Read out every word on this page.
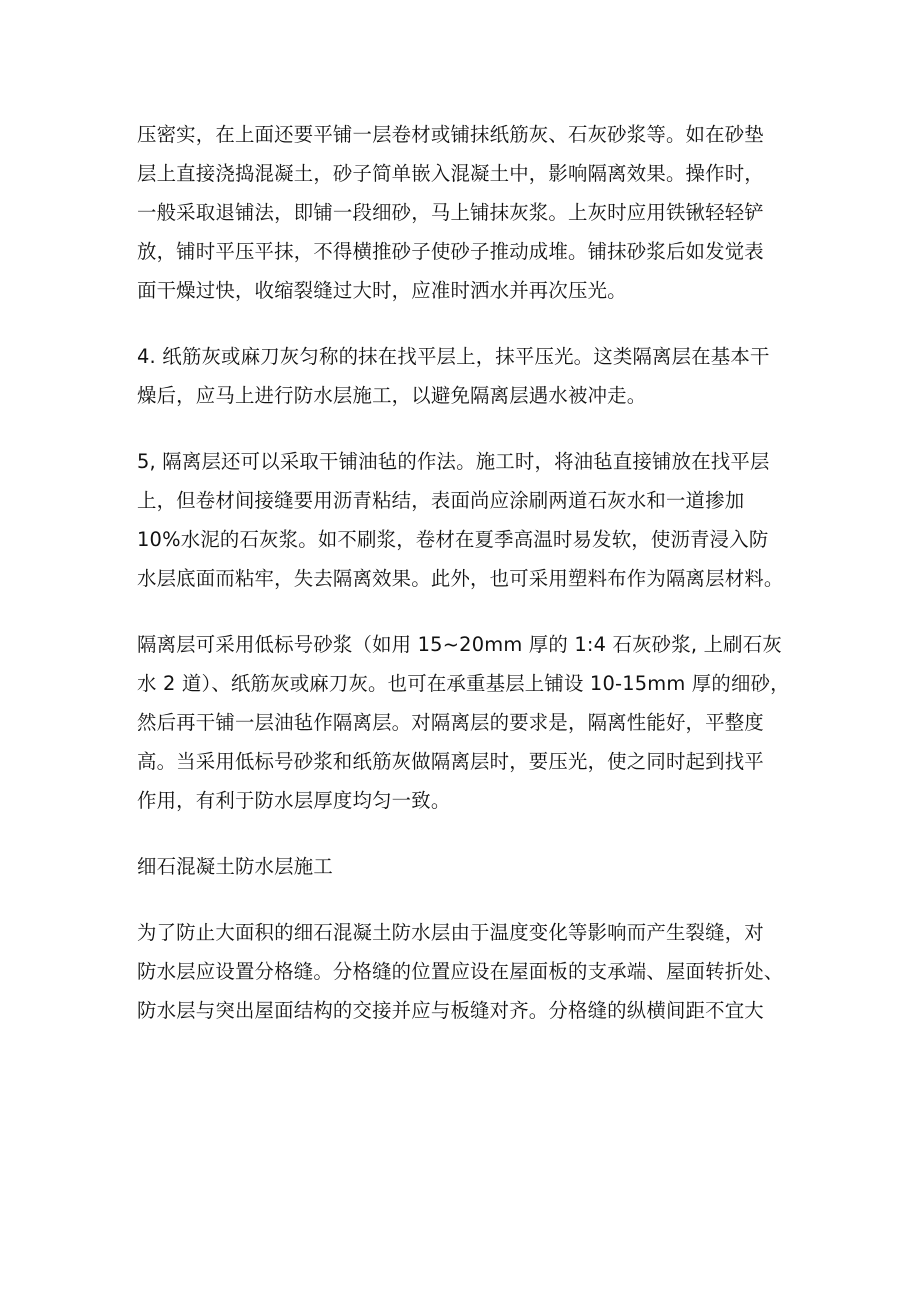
压密实，在上面还要平铺一层卷材或铺抹纸筋灰、石灰砂浆等。如在砂垫
层上直接浇捣混凝土，砂子简单嵌入混凝土中，影响隔离效果。操作时，
一般采取退铺法，即铺一段细砂，马上铺抹灰浆。上灰时应用铁锹轻轻铲
放，铺时平压平抹，不得横推砂子使砂子推动成堆。铺抹砂浆后如发觉表
面干燥过快，收缩裂缝过大时，应准时洒水并再次压光。

4. 纸筋灰或麻刀灰匀称的抹在找平层上，抹平压光。这类隔离层在基本干
燥后，应马上进行防水层施工，以避免隔离层遇水被冲走。

5, 隔离层还可以采取干铺油毡的作法。施工时，将油毡直接铺放在找平层
上，但卷材间接缝要用沥青粘结，表面尚应涂刷两道石灰水和一道掺加
10%水泥的石灰浆。如不刷浆，卷材在夏季高温时易发软，使沥青浸入防
水层底面而粘牢，失去隔离效果。此外，也可采用塑料布作为隔离层材料。

隔离层可采用低标号砂浆（如用 15~20mm 厚的 1:4 石灰砂浆, 上刷石灰
水 2 道）、纸筋灰或麻刀灰。也可在承重基层上铺设 10-15mm 厚的细砂，
然后再干铺一层油毡作隔离层。对隔离层的要求是，隔离性能好，平整度
高。当采用低标号砂浆和纸筋灰做隔离层时，要压光，使之同时起到找平
作用，有利于防水层厚度均匀一致。

细石混凝土防水层施工

为了防止大面积的细石混凝土防水层由于温度变化等影响而产生裂缝，对
防水层应设置分格缝。分格缝的位置应设在屋面板的支承端、屋面转折处、
防水层与突出屋面结构的交接并应与板缝对齐。分格缝的纵横间距不宜大
